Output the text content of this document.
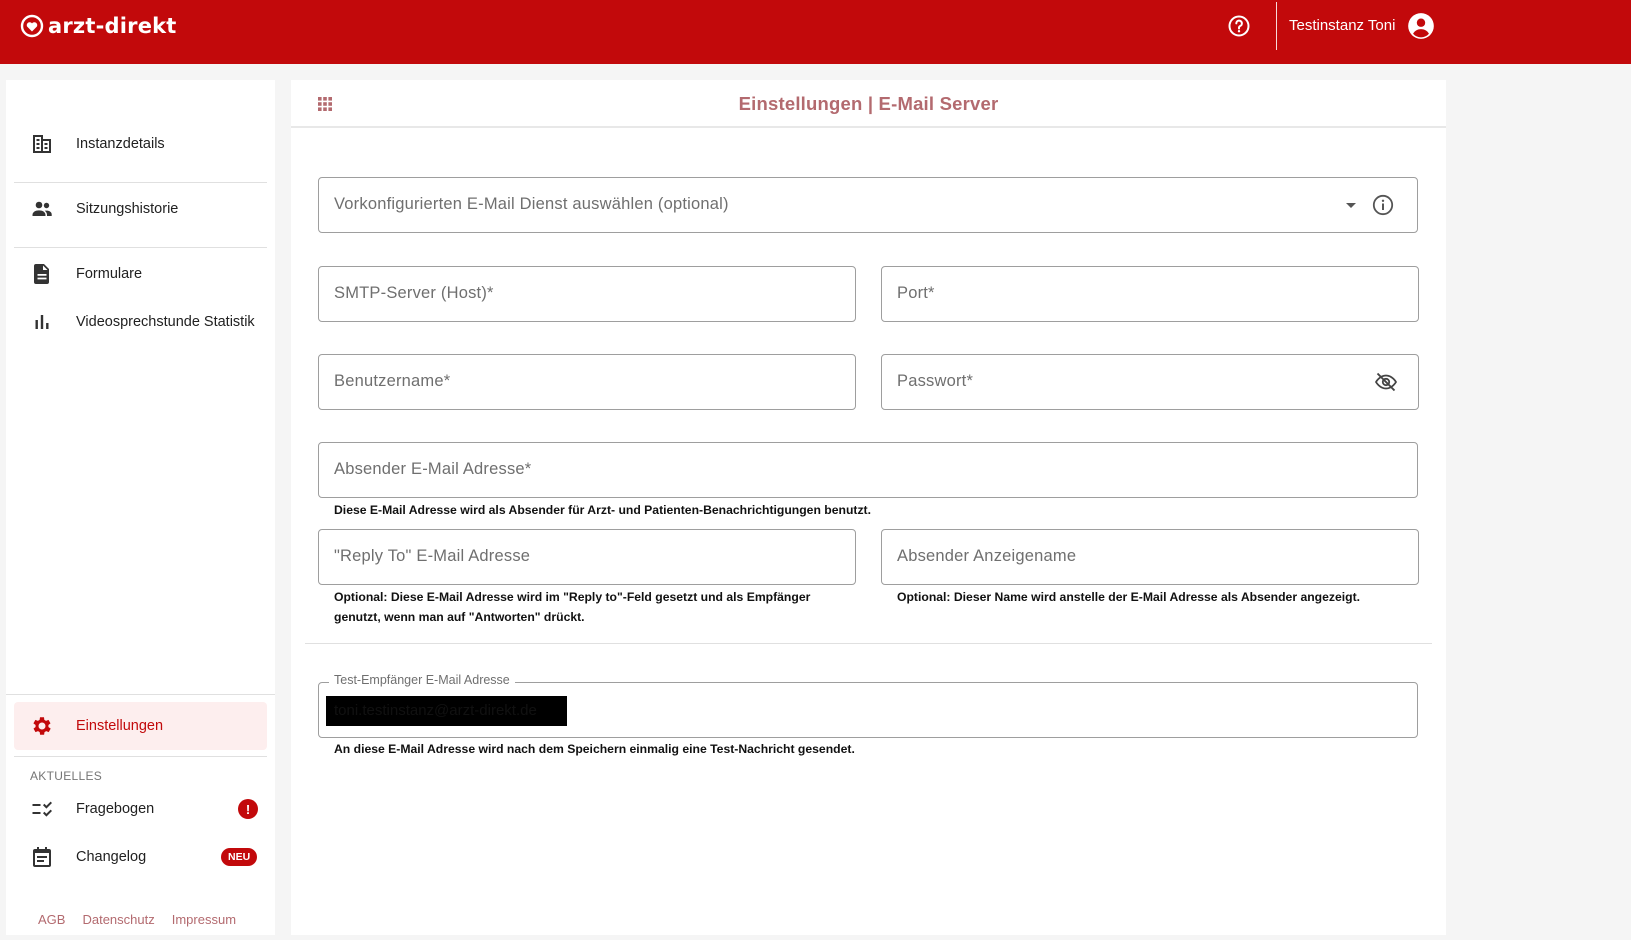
arzt-direkt	Testinstanz Toni
Instanzdetails
Sitzungshistorie
Formulare
Videosprechstunde Statistik
Einstellungen
AKTUELLES
Fragebogen	!
Changelog	NEU
AGB Datenschutz Impressum
Einstellungen | E-Mail Server
Vorkonfigurierten E-Mail Dienst auswählen (optional)
SMTP-Server (Host)*	Port*
Benutzername*	Passwort*
Absender E-Mail Adresse*
Diese E-Mail Adresse wird als Absender für Arzt- und Patienten-Benachrichtigungen benutzt.
"Reply To" E-Mail Adresse
Optional: Diese E-Mail Adresse wird im "Reply to"-Feld gesetzt und als Empfänger genutzt, wenn man auf "Antworten" drückt.
Absender Anzeigename
Optional: Dieser Name wird anstelle der E-Mail Adresse als Absender angezeigt.
Test-Empfänger E-Mail Adresse
toni.testinstanz@arzt-direkt.de
An diese E-Mail Adresse wird nach dem Speichern einmalig eine Test-Nachricht gesendet.
